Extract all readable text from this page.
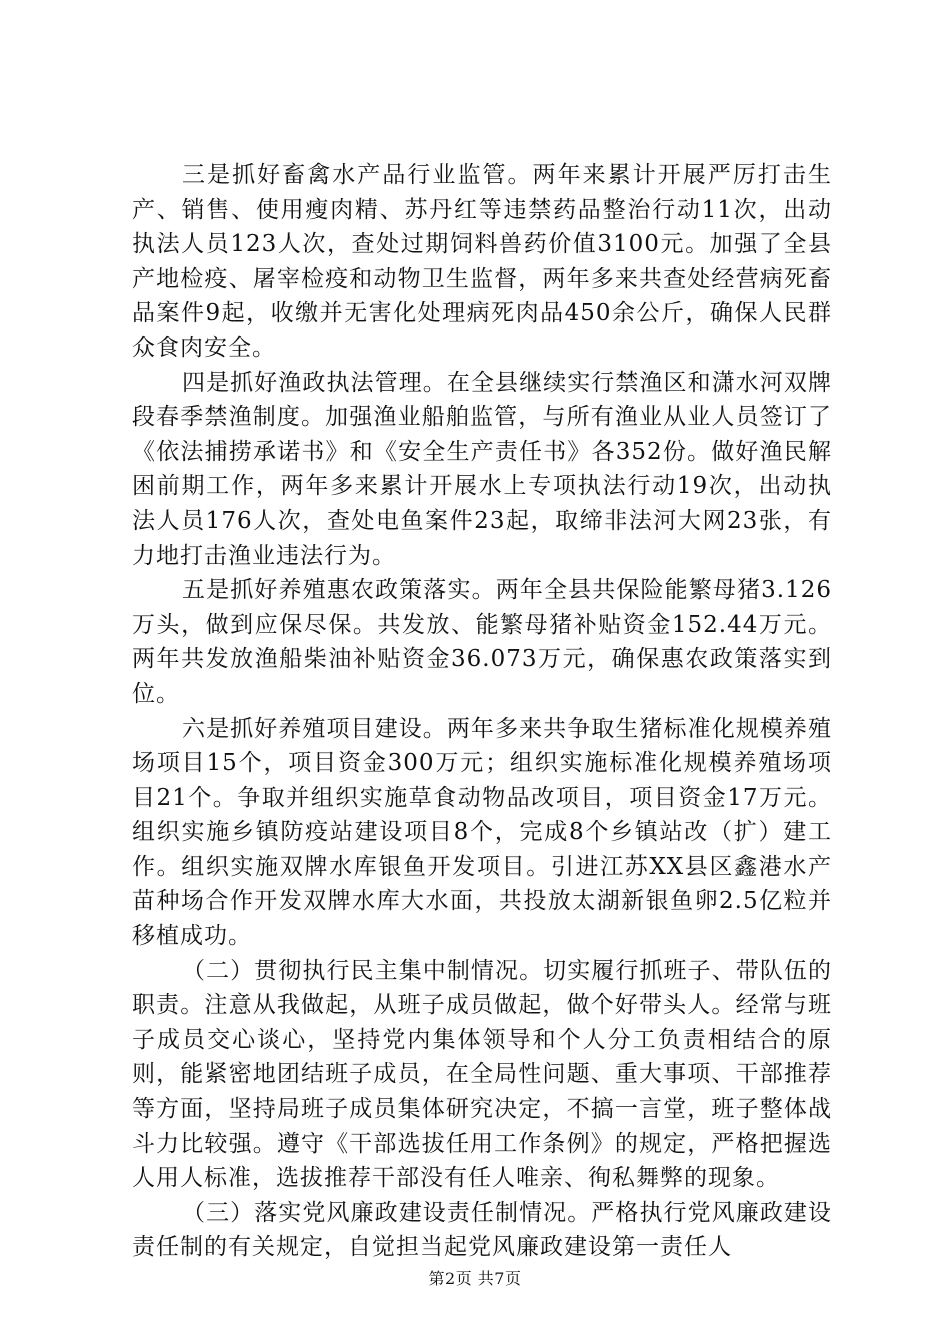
三是抓好畜禽水产品行业监管。两年来累计开展严厉打击生产、销售、使用瘦肉精、苏丹红等违禁药品整治行动11次，出动执法人员123人次，查处过期饲料兽药价值3100元。加强了全县产地检疫、屠宰检疫和动物卫生监督，两年多来共查处经营病死畜品案件9起，收缴并无害化处理病死肉品450余公斤，确保人民群众食肉安全。

四是抓好渔政执法管理。在全县继续实行禁渔区和潇水河双牌段春季禁渔制度。加强渔业船舶监管，与所有渔业从业人员签订了《依法捕捞承诺书》和《安全生产责任书》各352份。做好渔民解困前期工作，两年多来累计开展水上专项执法行动19次，出动执法人员176人次，查处电鱼案件23起，取缔非法河大网23张，有力地打击渔业违法行为。

五是抓好养殖惠农政策落实。两年全县共保险能繁母猪3.126万头，做到应保尽保。共发放、能繁母猪补贴资金152.44万元。两年共发放渔船柴油补贴资金36.073万元，确保惠农政策落实到位。

六是抓好养殖项目建设。两年多来共争取生猪标准化规模养殖场项目15个，项目资金300万元；组织实施标准化规模养殖场项目21个。争取并组织实施草食动物品改项目，项目资金17万元。组织实施乡镇防疫站建设项目8个，完成8个乡镇站改（扩）建工作。组织实施双牌水库银鱼开发项目。引进江苏XX县区鑫港水产苗种场合作开发双牌水库大水面，共投放太湖新银鱼卵2.5亿粒并移植成功。

（二）贯彻执行民主集中制情况。切实履行抓班子、带队伍的职责。注意从我做起，从班子成员做起，做个好带头人。经常与班子成员交心谈心，坚持党内集体领导和个人分工负责相结合的原则，能紧密地团结班子成员，在全局性问题、重大事项、干部推荐等方面，坚持局班子成员集体研究决定，不搞一言堂，班子整体战斗力比较强。遵守《干部选拔任用工作条例》的规定，严格把握选人用人标准，选拔推荐干部没有任人唯亲、徇私舞弊的现象。

（三）落实党风廉政建设责任制情况。严格执行党风廉政建设责任制的有关规定，自觉担当起党风廉政建设第一责任人

第2页 共7页
